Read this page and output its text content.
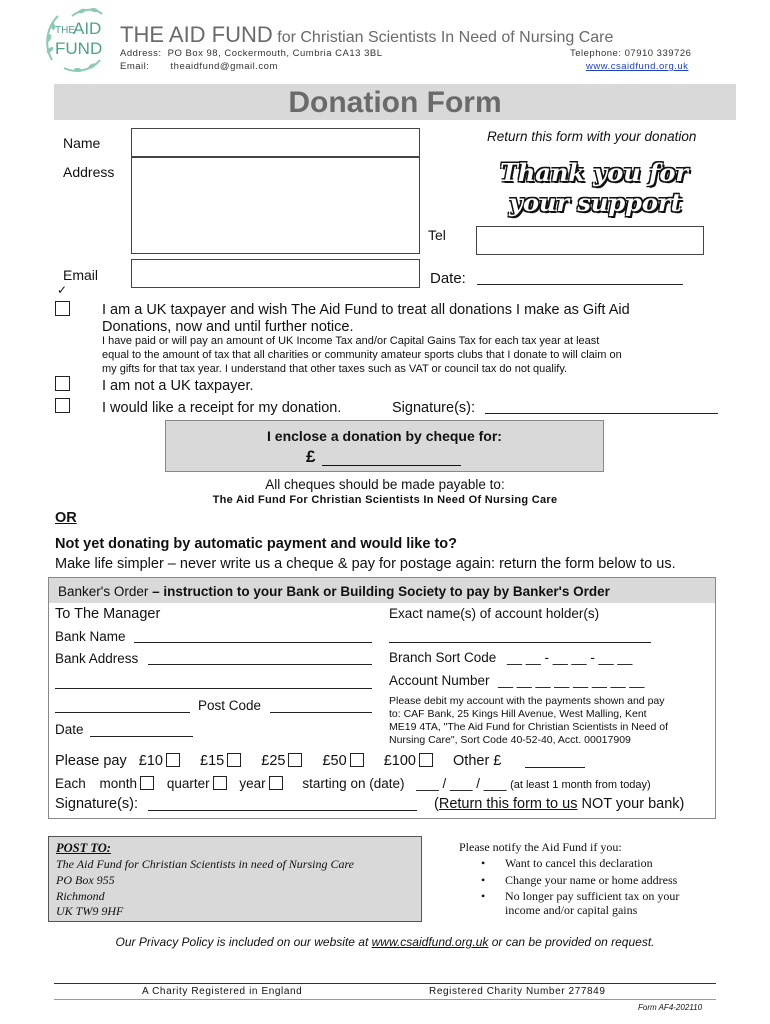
THE
AID
FUND
THE AID FUND for Christian Scientists In Need of Nursing Care
Address: PO Box 98, Cockermouth, Cumbria CA13 3BL	Telephone: 07910 339726
Email: theaidfund@gmail.com	www.csaidfund.org.uk
Donation Form
Name
Address
Tel
Email	Date:
Return this form with your donation
Thank you for
your support
✓
I am a UK taxpayer and wish The Aid Fund to treat all donations I make as Gift Aid
Donations, now and until further notice.
I have paid or will pay an amount of UK Income Tax and/or Capital Gains Tax for each tax year at least
equal to the amount of tax that all charities or community amateur sports clubs that I donate to will claim on
my gifts for that tax year. I understand that other taxes such as VAT or council tax do not qualify.
I am not a UK taxpayer.
I would like a receipt for my donation.	Signature(s):
I enclose a donation by cheque for:
£
All cheques should be made payable to:
The Aid Fund For Christian Scientists In Need Of Nursing Care
OR
Not yet donating by automatic payment and would like to?
Make life simpler – never write us a cheque & pay for postage again: return the form below to us.
Banker's Order – instruction to your Bank or Building Society to pay by Banker's Order
To The Manager
Bank Name
Bank Address
Post Code
Date
Exact name(s) of account holder(s)
Branch Sort Code __ __ - __ __ - __ __
Account Number __ __ __ __ __ __ __ __
Please debit my account with the payments shown and pay
to: CAF Bank, 25 Kings Hill Avenue, West Malling, Kent
ME19 4TA, "The Aid Fund for Christian Scientists in Need of
Nursing Care", Sort Code 40-52-40, Acct. 00017909
Please pay £10	£15	£25	£50	£100	Other £
Each month quarter year	starting on (date) ___ / ___ / ___ (at least 1 month from today)
Signature(s):	(Return this form to us NOT your bank)
POST TO:
The Aid Fund for Christian Scientists in need of Nursing Care
PO Box 955
Richmond
UK TW9 9HF
Please notify the Aid Fund if you:
• Want to cancel this declaration
• Change your name or home address
• No longer pay sufficient tax on your
income and/or capital gains
Our Privacy Policy is included on our website at www.csaidfund.org.uk or can be provided on request.
A Charity Registered in England	Registered Charity Number 277849
Form AF4-202110
